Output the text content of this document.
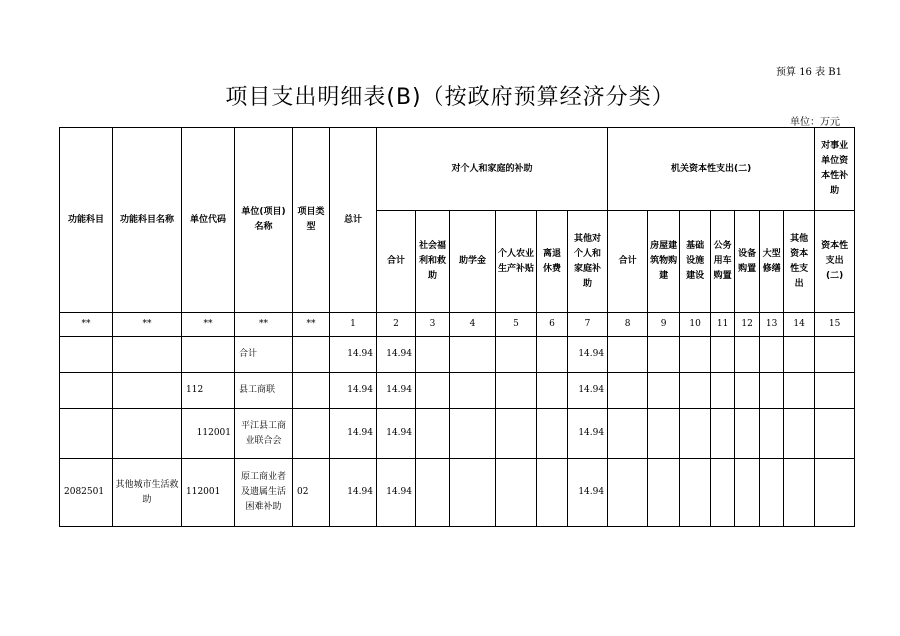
预算 16 表 B1
项目支出明细表(B)（按政府预算经济分类）
单位：万元
功能科目	功能科目名称	单位代码	单位(项目)名称	项目类型	总计	对个人和家庭的补助						机关资本性支出(二)							对事业单位资本性补助
						合计	社会福利和救助	助学金	个人农业生产补贴	离退休费	其他对个人和家庭补助	合计	房屋建筑物购建	基础设施建设	公务用车购置	设备购置	大型修缮	其他资本性支出	资本性支出(二)
**	**	**	**	**	1	2	3	4	5	6	7	8	9	10	11	12	13	14	15
			合计		14.94	14.94					14.94								
		112	县工商联		14.94	14.94					14.94								
		112001	平江县工商业联合会		14.94	14.94					14.94								
2082501	其他城市生活救助	112001	原工商业者及遗属生活困难补助	02	14.94	14.94					14.94								
